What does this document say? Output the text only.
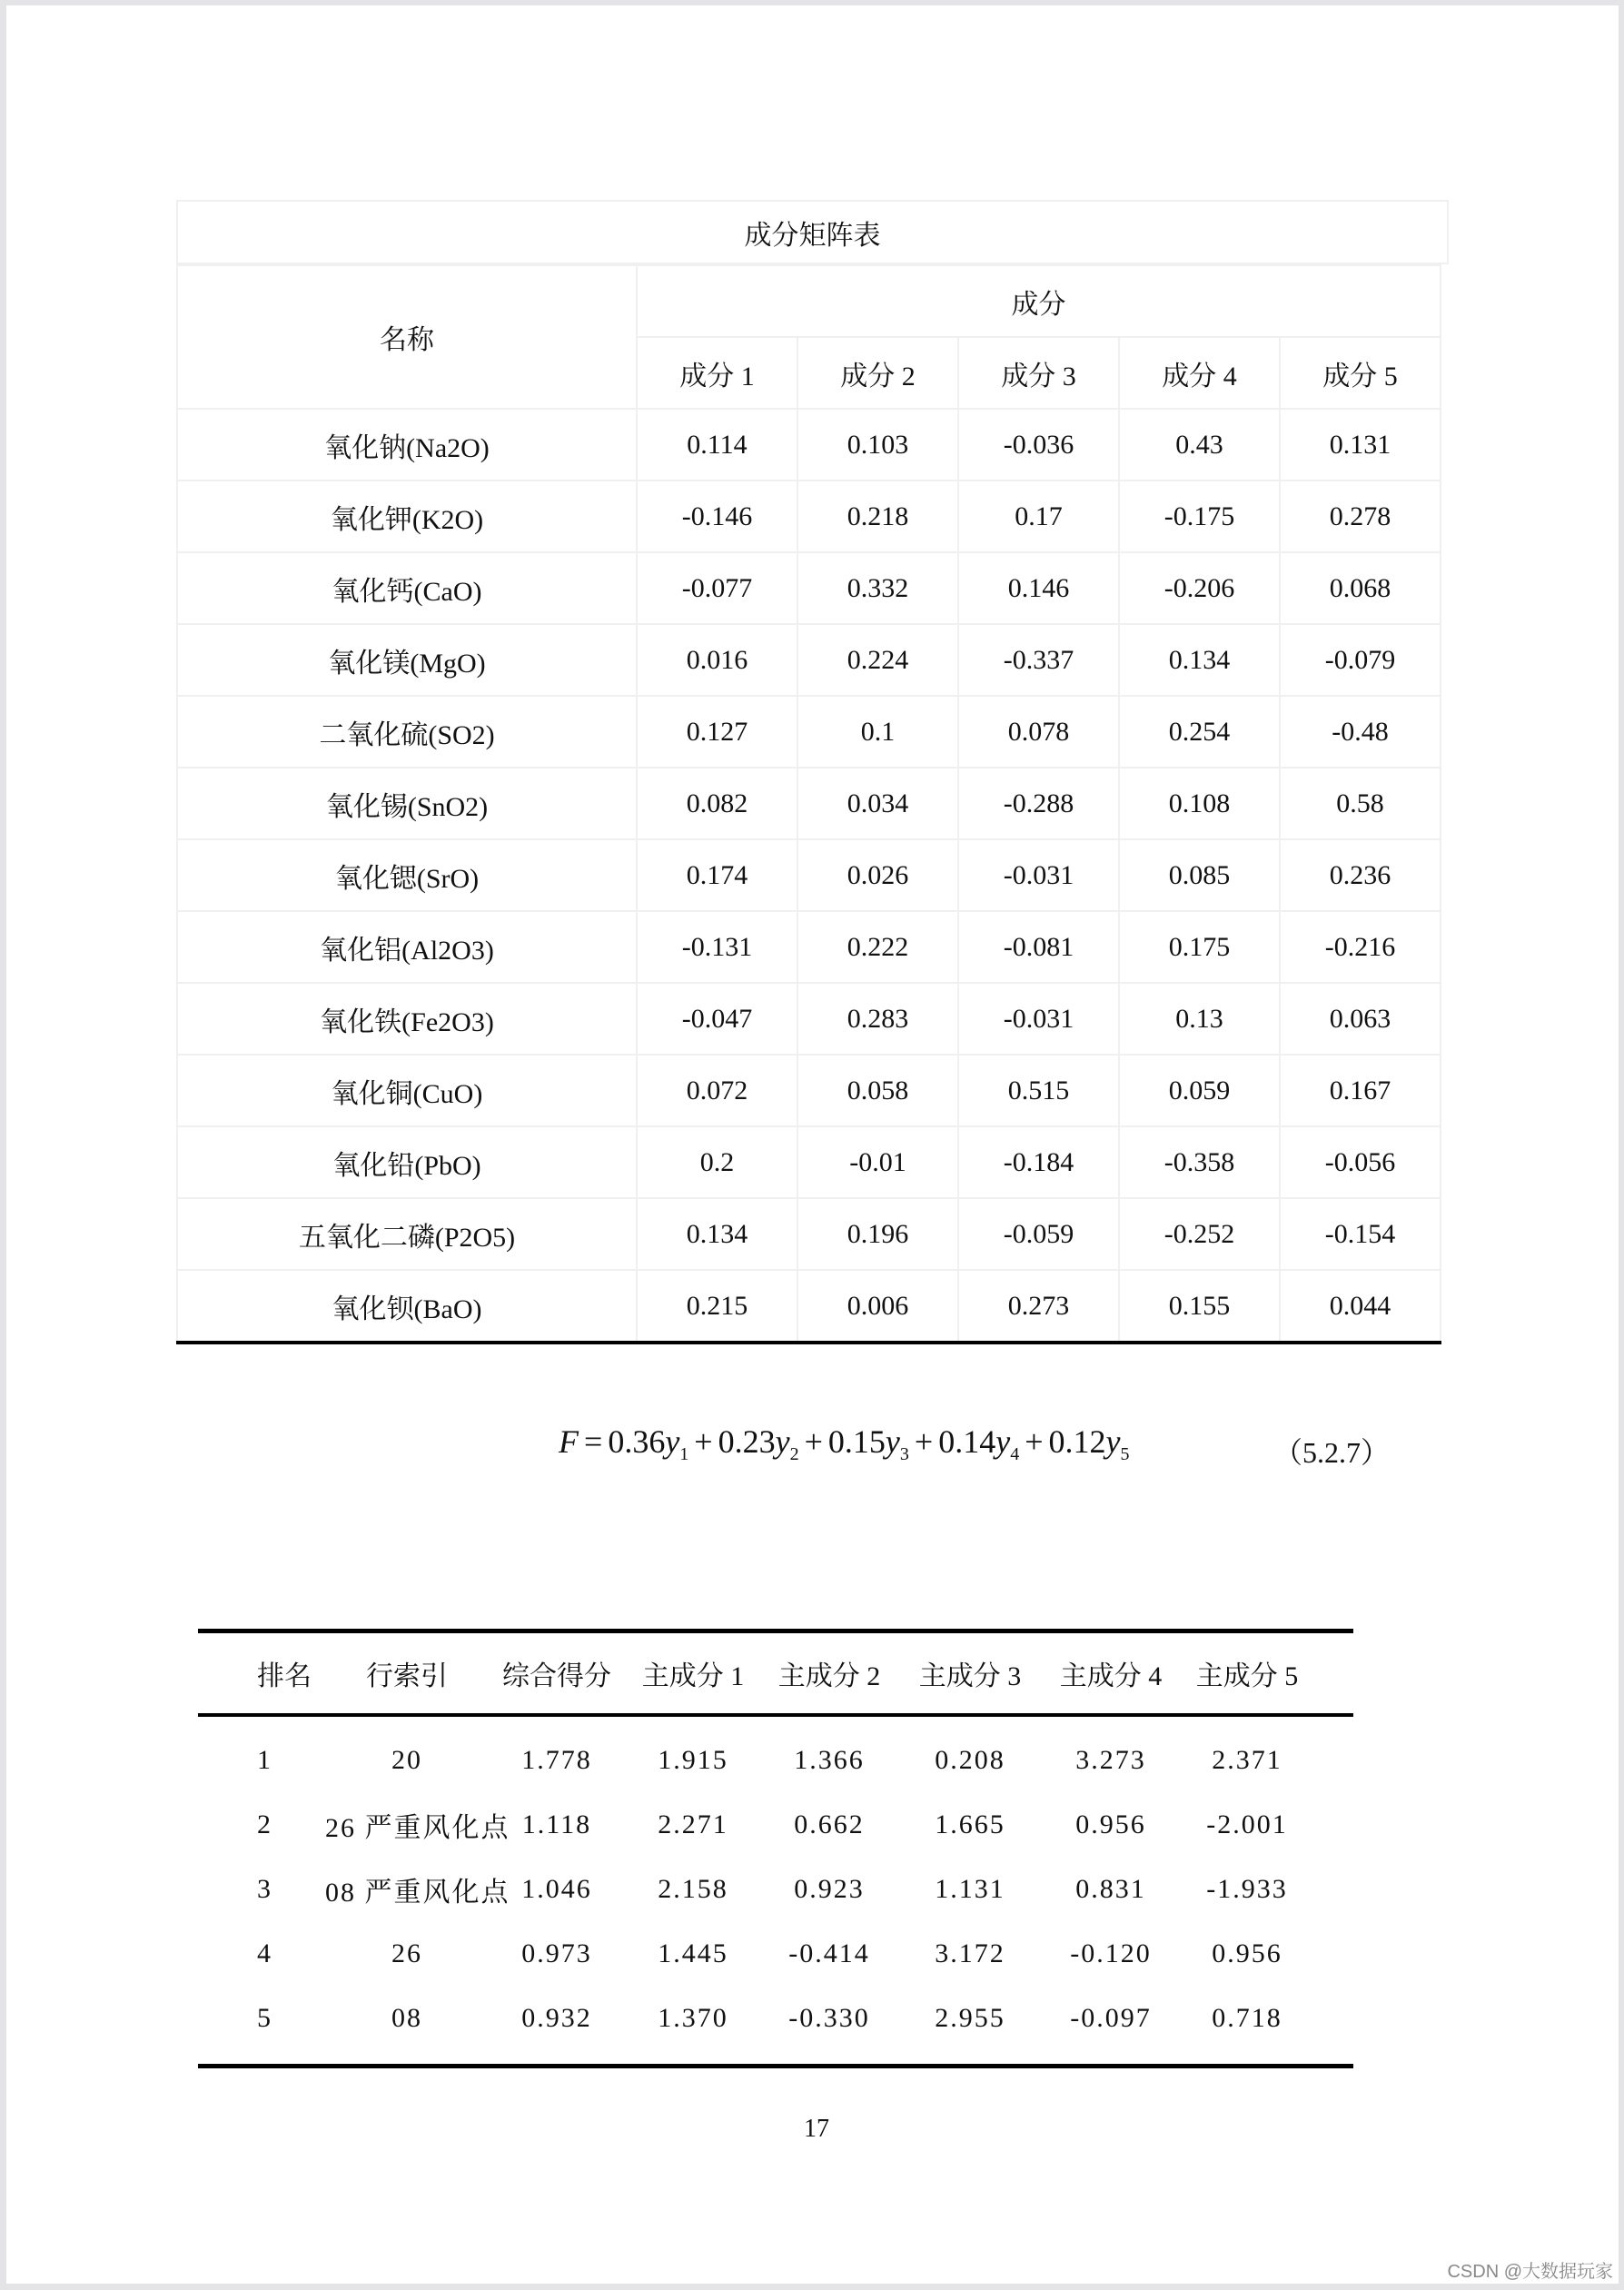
成分矩阵表
名称	成分				
	成分 1	成分 2	成分 3	成分 4	成分 5
氧化钠(Na2O)	0.114	0.103	-0.036	0.43	0.131
氧化钾(K2O)	-0.146	0.218	0.17	-0.175	0.278
氧化钙(CaO)	-0.077	0.332	0.146	-0.206	0.068
氧化镁(MgO)	0.016	0.224	-0.337	0.134	-0.079
二氧化硫(SO2)	0.127	0.1	0.078	0.254	-0.48
氧化锡(SnO2)	0.082	0.034	-0.288	0.108	0.58
氧化锶(SrO)	0.174	0.026	-0.031	0.085	0.236
氧化铝(Al2O3)	-0.131	0.222	-0.081	0.175	-0.216
氧化铁(Fe2O3)	-0.047	0.283	-0.031	0.13	0.063
氧化铜(CuO)	0.072	0.058	0.515	0.059	0.167
氧化铅(PbO)	0.2	-0.01	-0.184	-0.358	-0.056
五氧化二磷(P2O5)	0.134	0.196	-0.059	-0.252	-0.154
氧化钡(BaO)	0.215	0.006	0.273	0.155	0.044
$F = 0.36y_1 + 0.23y_2 + 0.15y_3 + 0.14y_4 + 0.12y_5$	（5.2.7）
排名	行索引	综合得分	主成分 1	主成分 2	主成分 3	主成分 4	主成分 5
1	20	1.778	1.915	1.366	0.208	3.273	2.371
2	26 严重风化点 1.118	2.271	0.662	1.665	0.956	-2.001
3	08 严重风化点 1.046	2.158	0.923	1.131	0.831	-1.933
4	26	0.973	1.445	-0.414	3.172	-0.120	0.956
5	08	0.932	1.370	-0.330	2.955	-0.097	0.718
17
CSDN @大数据玩家
